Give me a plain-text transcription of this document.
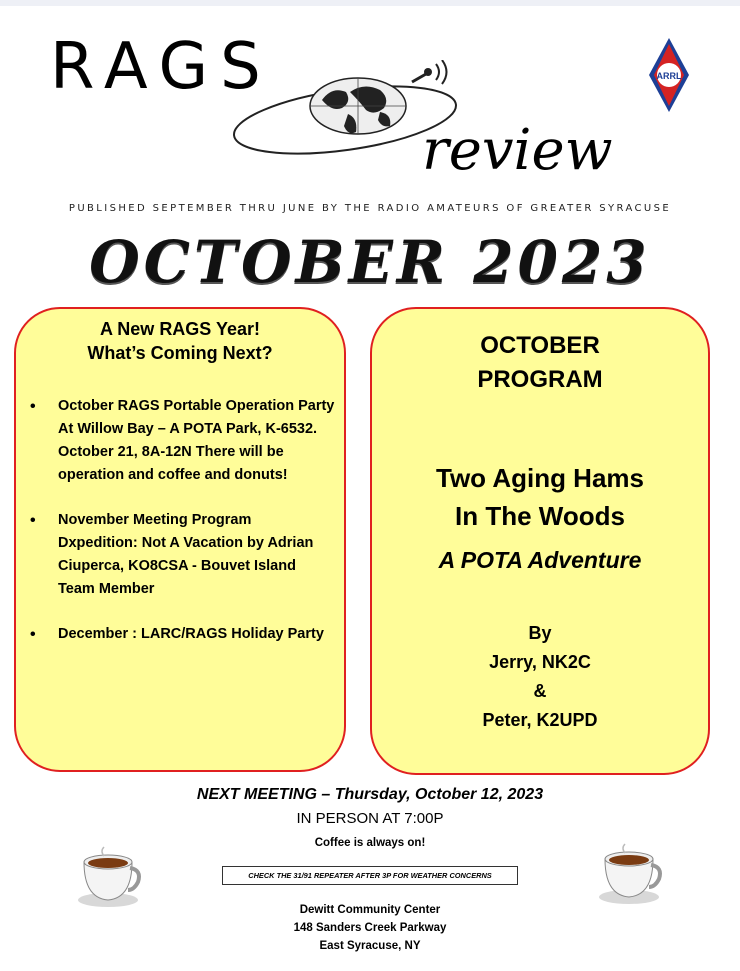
RAGS
review
ARRL
PUBLISHED SEPTEMBER THRU JUNE BY THE RADIO AMATEURS OF GREATER SYRACUSE
OCTOBER 2023
A New RAGS Year!
What’s Coming Next?
• October RAGS Portable Operation Party At Willow Bay – A POTA Park, K-6532. October 21, 8A-12N There will be operation and coffee and donuts!
• November Meeting Program Dxpedition: Not A Vacation by Adrian Ciuperca, KO8CSA - Bouvet Island Team Member
• December : LARC/RAGS Holiday Party
OCTOBER
PROGRAM
Two Aging Hams
In The Woods
A POTA Adventure
By
Jerry, NK2C
&
Peter, K2UPD
NEXT MEETING – Thursday, October 12, 2023
IN PERSON AT 7:00P
Coffee is always on!
CHECK THE 31/91 REPEATER AFTER 3P FOR WEATHER CONCERNS
Dewitt Community Center
148 Sanders Creek Parkway
East Syracuse, NY
